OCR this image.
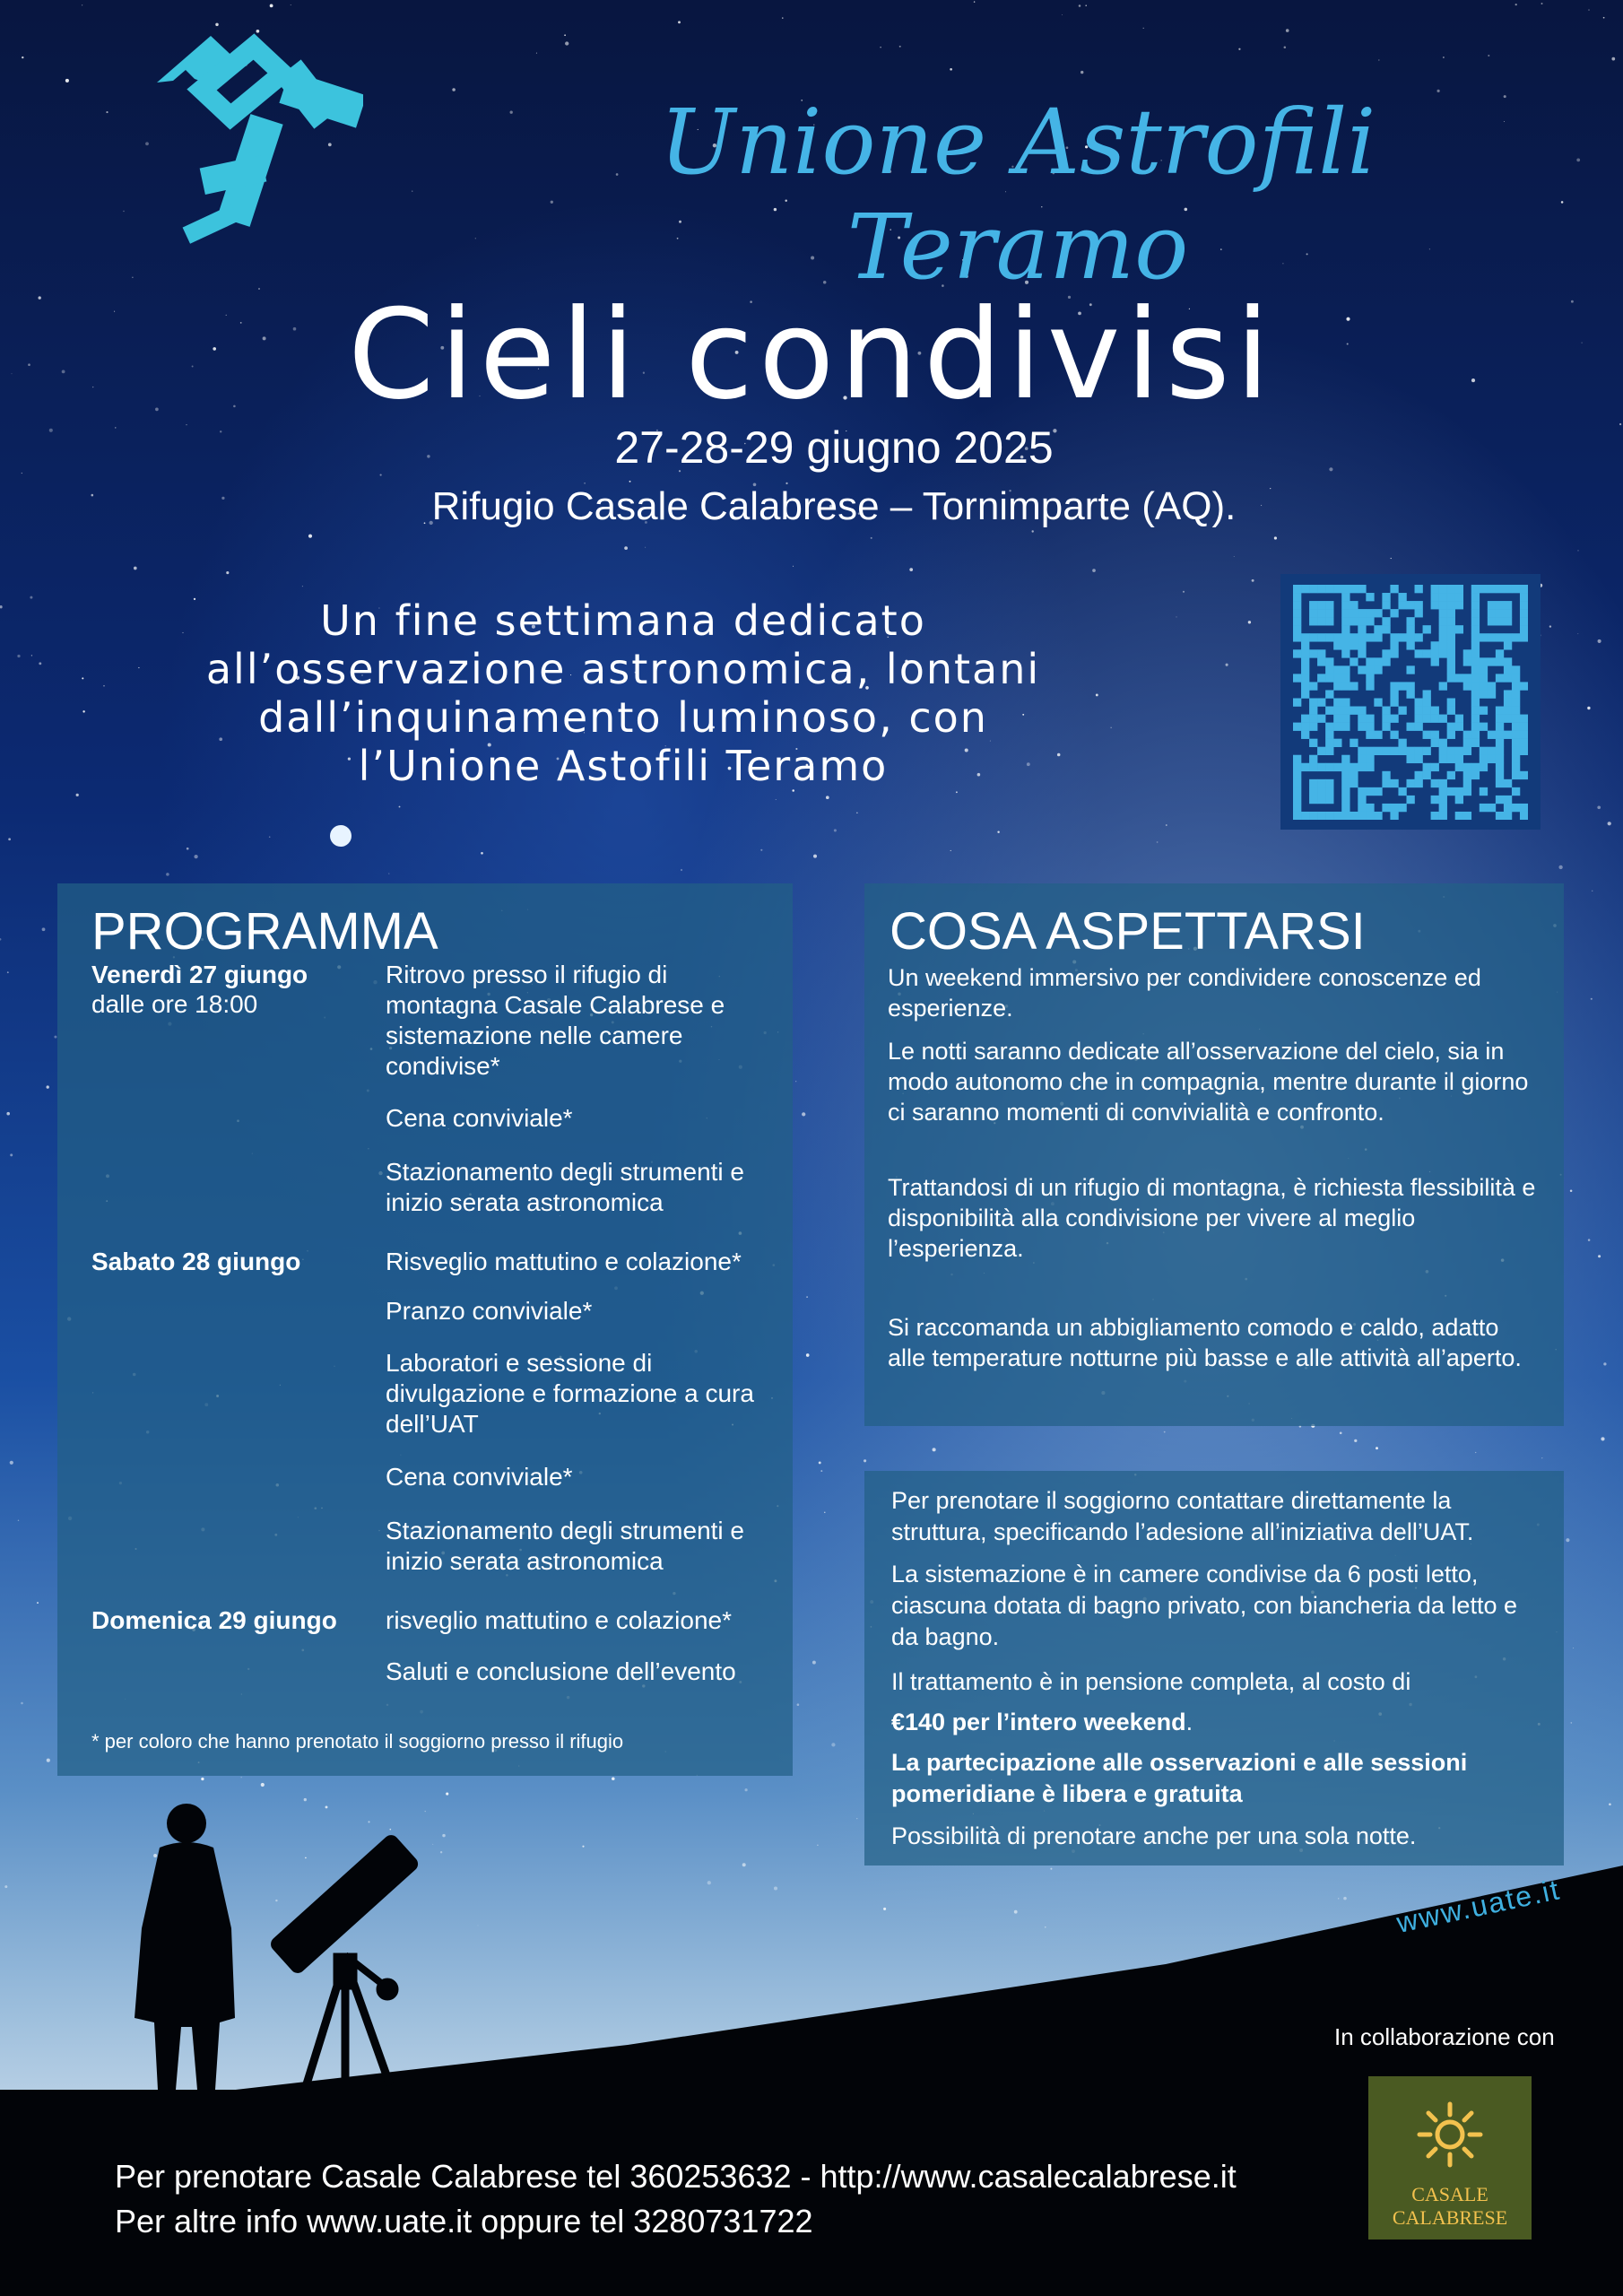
Unione Astrofili Teramo
Cieli condivisi
27-28-29 giugno 2025
Rifugio Casale Calabrese – Tornimparte (AQ).
Un fine settimana dedicato
all’osservazione astronomica, lontani
dall’inquinamento luminoso, con
l’Unione Astofili Teramo
PROGRAMMA
Venerdì 27 giungo
dalle ore 18:00
Ritrovo presso il rifugio di montagna Casale Calabrese e sistemazione nelle camere condivise*
Cena conviviale*
Stazionamento degli strumenti e inizio serata astronomica
Sabato 28 giungo	Risveglio mattutino e colazione*
Pranzo conviviale*
Laboratori e sessione di divulgazione e formazione a cura dell’UAT
Cena conviviale*
Stazionamento degli strumenti e inizio serata astronomica
Domenica 29 giungo risveglio mattutino e colazione*
Saluti e conclusione dell’evento
* per coloro che hanno prenotato il soggiorno presso il rifugio
COSA ASPETTARSI

Un weekend immersivo per condividere conoscenze ed esperienze.

Le notti saranno dedicate all’osservazione del cielo, sia in modo autonomo che in compagnia, mentre durante il giorno ci saranno momenti di convivialità e confronto.

Trattandosi di un rifugio di montagna, è richiesta flessibilità e disponibilità alla condivisione per vivere al meglio l’esperienza.

Si raccomanda un abbigliamento comodo e caldo, adatto alle temperature notturne più basse e alle attività all’aperto.

Per prenotare il soggiorno contattare direttamente la struttura, specificando l’adesione all’iniziativa dell’UAT.

La sistemazione è in camere condivise da 6 posti letto, ciascuna dotata di bagno privato, con biancheria da letto e da bagno.

Il trattamento è in pensione completa, al costo di

€140 per l’intero weekend.

La partecipazione alle osservazioni e alle sessioni pomeridiane è libera e gratuita

Possibilità di prenotare anche per una sola notte.

www.uate.it
In collaborazione con
CASALE
CALABRESE
Per prenotare Casale Calabrese tel 360253632 - http://www.casalecalabrese.it
Per altre info www.uate.it oppure tel 3280731722
